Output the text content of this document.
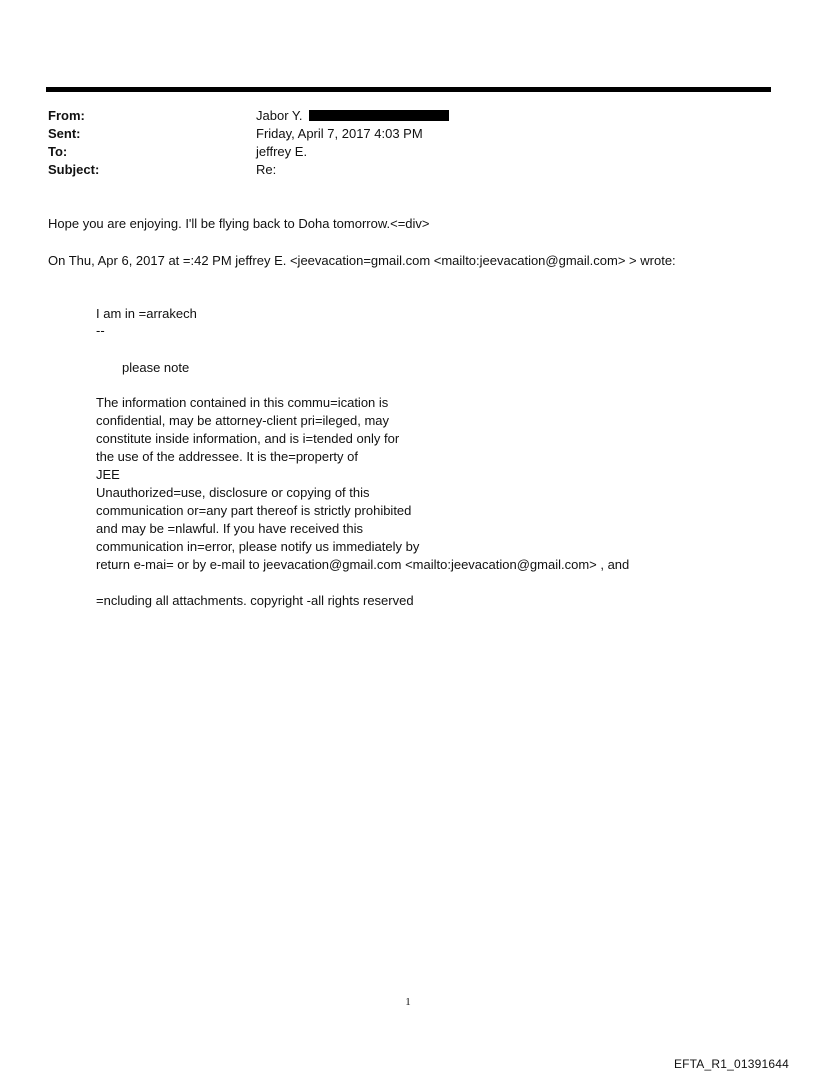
From:	Jabor Y.
Sent:	Friday, April 7, 2017 4:03 PM
To:	jeffrey E.
Subject:	Re:
Hope you are enjoying. I'll be flying back to Doha tomorrow.<=div>
On Thu, Apr 6, 2017 at =:42 PM jeffrey E. <jeevacation=gmail.com <mailto:jeevacation@gmail.com> > wrote:
I am in =arrakech
--
please note
The information contained in this commu=ication is
confidential, may be attorney-client pri=ileged, may
constitute inside information, and is i=tended only for
the use of the addressee. It is the=property of
JEE
Unauthorized=use, disclosure or copying of this
communication or=any part thereof is strictly prohibited
and may be =nlawful. If you have received this
communication in=error, please notify us immediately by
return e-mai= or by e-mail to jeevacation@gmail.com <mailto:jeevacation@gmail.com> , and
=ncluding all attachments. copyright -all rights reserved
1
EFTA_R1_01391644
